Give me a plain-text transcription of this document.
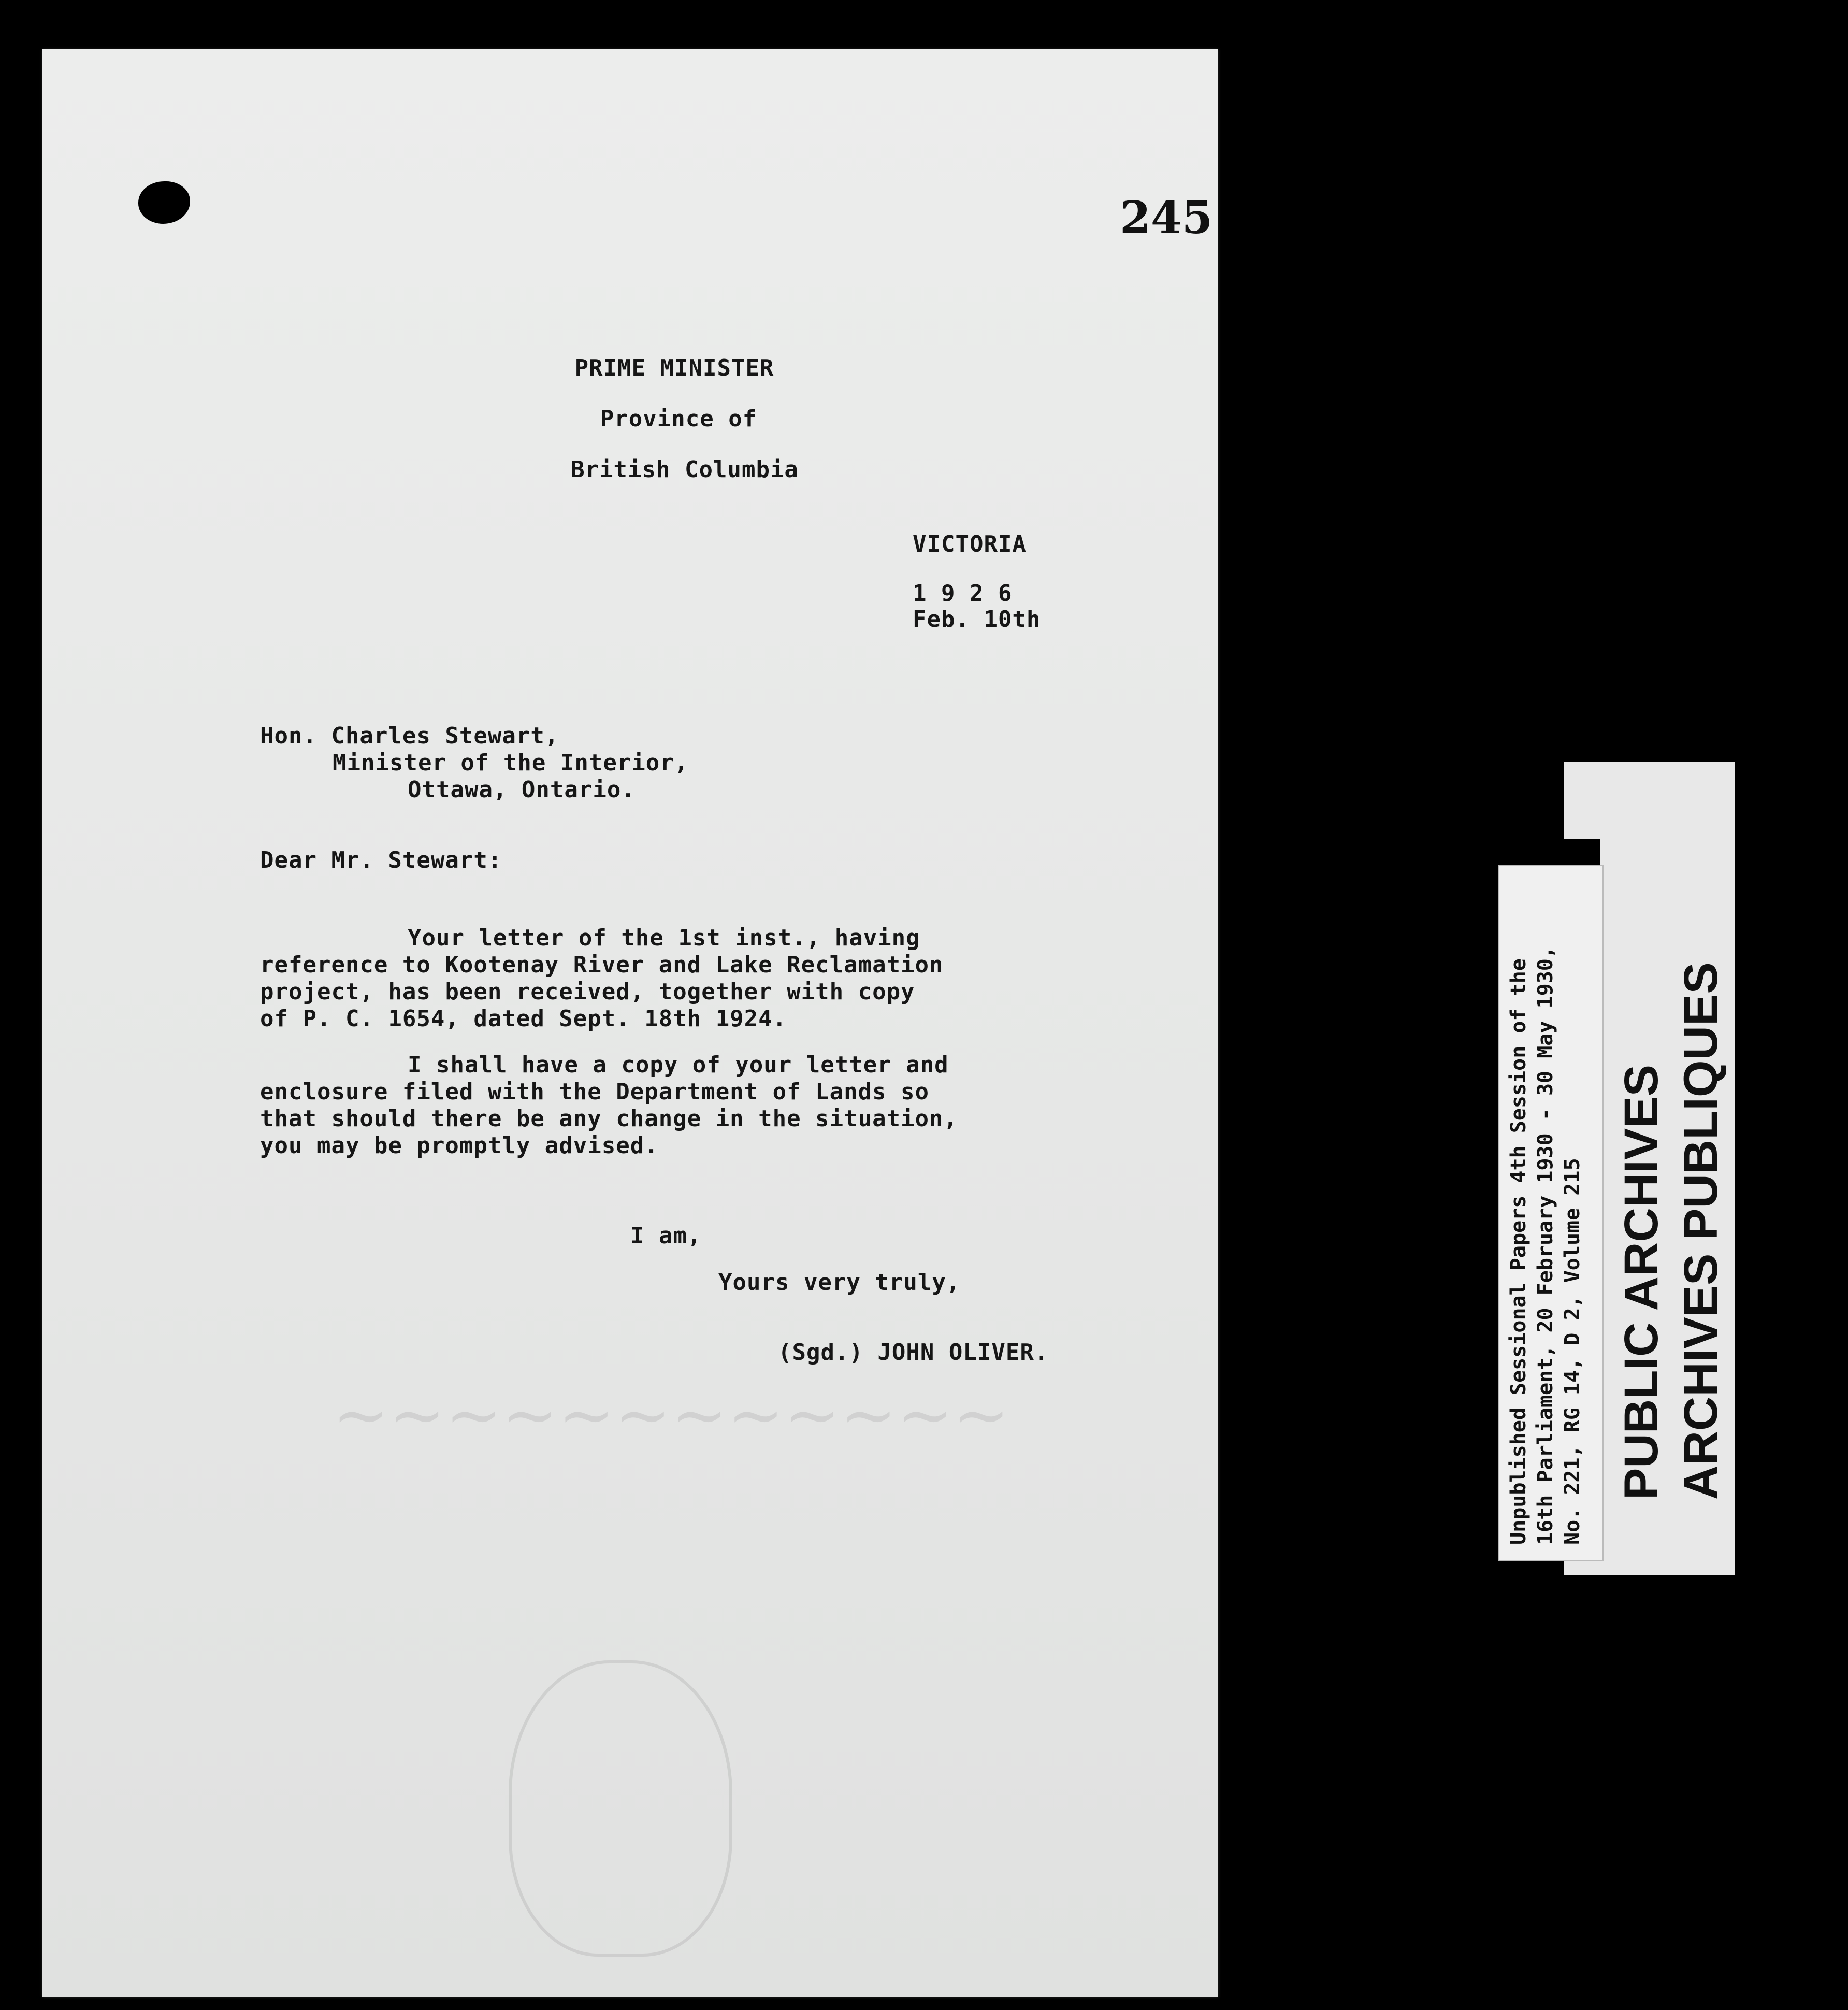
245
~~~~~~~~~~~~
PRIME MINISTER
Province of
British Columbia
VICTORIA
1 9 2 6
Feb. 10th
Hon. Charles Stewart,
Minister of the Interior,
Ottawa, Ontario.
Dear Mr. Stewart:
Your letter of the 1st inst., having
reference to Kootenay River and Lake Reclamation
project, has been received, together with copy
of P. C. 1654, dated Sept. 18th 1924.
I shall have a copy of your letter and
enclosure filed with the Department of Lands so
that should there be any change in the situation,
you may be promptly advised.
I am,
Yours very truly,
(Sgd.) JOHN OLIVER.	PUBLIC ARCHIVES ARCHIVES PUBLIQUES
Unpublished Sessional Papers 4th Session of the 16th Parliament, 20 February 1930 - 30 May 1930, No. 221, RG 14, D 2, Volume 215
